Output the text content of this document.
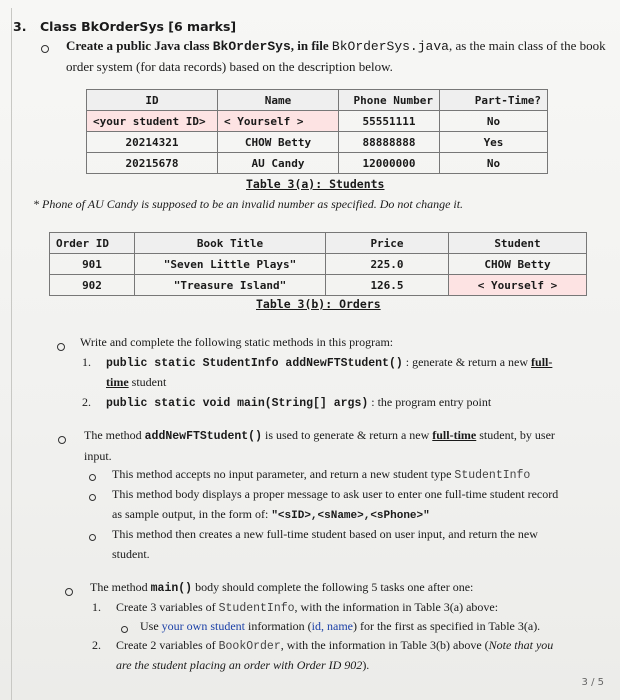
3. Class BkOrderSys [6 marks]
Create a public Java class BkOrderSys, in file BkOrderSys.java, as the main class of the book
order system (for data records) based on the description below.
ID	Name	Phone Number	Part-Time?
<your student ID>	< Yourself >	55551111	No
20214321	CHOW Betty	88888888	Yes
20215678	AU Candy	12000000	No
Table 3(a): Students
* Phone of AU Candy is supposed to be an invalid number as specified. Do not change it.
Order ID	Book Title	Price	Student
901	"Seven Little Plays"	225.0	CHOW Betty
902	"Treasure Island"	126.5	< Yourself >
Table 3(b): Orders
Write and complete the following static methods in this program:
1. public static StudentInfo addNewFTStudent() : generate & return a new full-
time student
2. public static void main(String[] args) : the program entry point
The method addNewFTStudent() is used to generate & return a new full-time student, by user
input.
This method accepts no input parameter, and return a new student type StudentInfo
This method body displays a proper message to ask user to enter one full-time student record
as sample output, in the form of: "<sID>,<sName>,<sPhone>"
This method then creates a new full-time student based on user input, and return the new
student.
The method main() body should complete the following 5 tasks one after one:
1. Create 3 variables of StudentInfo, with the information in Table 3(a) above:
Use your own student information (id, name) for the first as specified in Table 3(a).
2. Create 2 variables of BookOrder, with the information in Table 3(b) above (Note that you
are the student placing an order with Order ID 902).
3 / 5
